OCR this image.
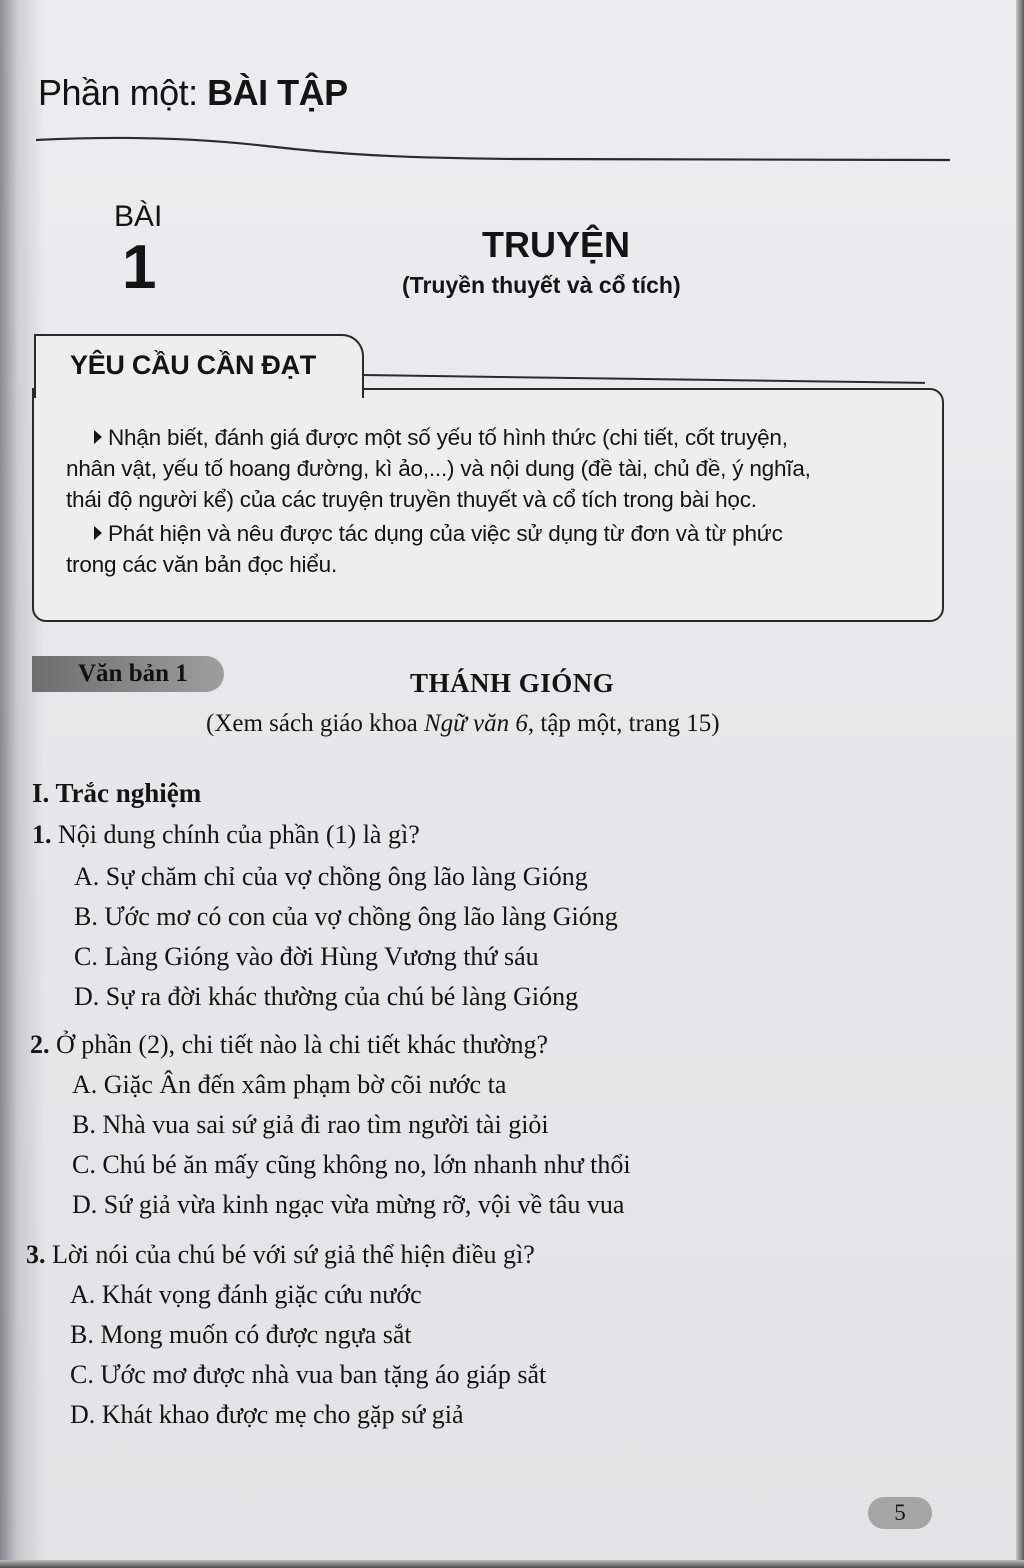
Phần một: BÀI TẬP
BÀI
1	TRUYỆN
(Truyền thuyết và cổ tích)
YÊU CẦU CẦN ĐẠT
Nhận biết, đánh giá được một số yếu tố hình thức (chi tiết, cốt truyện,
nhân vật, yếu tố hoang đường, kì ảo,...) và nội dung (đề tài, chủ đề, ý nghĩa,
thái độ người kể) của các truyện truyền thuyết và cổ tích trong bài học.
Phát hiện và nêu được tác dụng của việc sử dụng từ đơn và từ phức
trong các văn bản đọc hiểu.
Văn bản 1	THÁNH GIÓNG
(Xem sách giáo khoa Ngữ văn 6, tập một, trang 15)
I. Trắc nghiệm
1. Nội dung chính của phần (1) là gì?
A. Sự chăm chỉ của vợ chồng ông lão làng Gióng
B. Ước mơ có con của vợ chồng ông lão làng Gióng
C. Làng Gióng vào đời Hùng Vương thứ sáu
D. Sự ra đời khác thường của chú bé làng Gióng
2. Ở phần (2), chi tiết nào là chi tiết khác thường?
A. Giặc Ân đến xâm phạm bờ cõi nước ta
B. Nhà vua sai sứ giả đi rao tìm người tài giỏi
C. Chú bé ăn mấy cũng không no, lớn nhanh như thổi
D. Sứ giả vừa kinh ngạc vừa mừng rỡ, vội về tâu vua
3. Lời nói của chú bé với sứ giả thể hiện điều gì?
A. Khát vọng đánh giặc cứu nước
B. Mong muốn có được ngựa sắt
C. Ước mơ được nhà vua ban tặng áo giáp sắt
D. Khát khao được mẹ cho gặp sứ giả
5
